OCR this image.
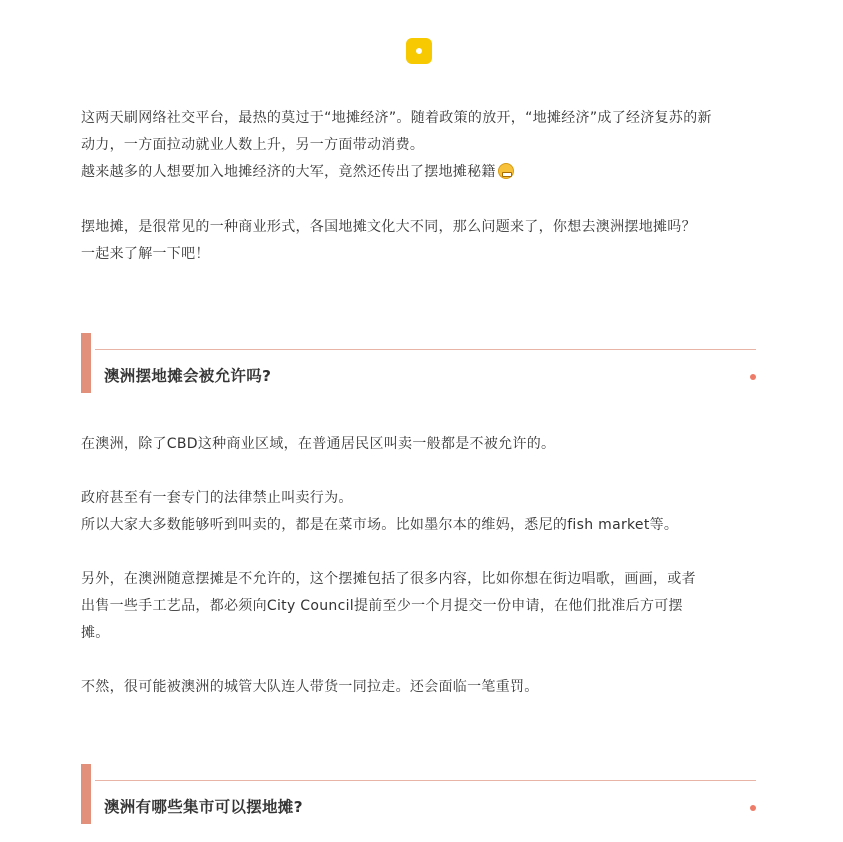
这两天刷网络社交平台，最热的莫过于“地摊经济”。随着政策的放开，“地摊经济”成了经济复苏的新

动力，一方面拉动就业人数上升，另一方面带动消费。

越来越多的人想要加入地摊经济的大军，竟然还传出了摆地摊秘籍

摆地摊，是很常见的一种商业形式，各国地摊文化大不同，那么问题来了，你想去澳洲摆地摊吗？

一起来了解一下吧！

澳洲摆地摊会被允许吗?

在澳洲，除了CBD这种商业区域，在普通居民区叫卖一般都是不被允许的。

政府甚至有一套专门的法律禁止叫卖行为。

所以大家大多数能够听到叫卖的，都是在菜市场。比如墨尔本的维妈，悉尼的fish market等。

另外，在澳洲随意摆摊是不允许的，这个摆摊包括了很多内容，比如你想在街边唱歌，画画，或者

出售一些手工艺品，都必须向City Council提前至少一个月提交一份申请，在他们批准后方可摆

摊。

不然，很可能被澳洲的城管大队连人带货一同拉走。还会面临一笔重罚。

澳洲有哪些集市可以摆地摊?
